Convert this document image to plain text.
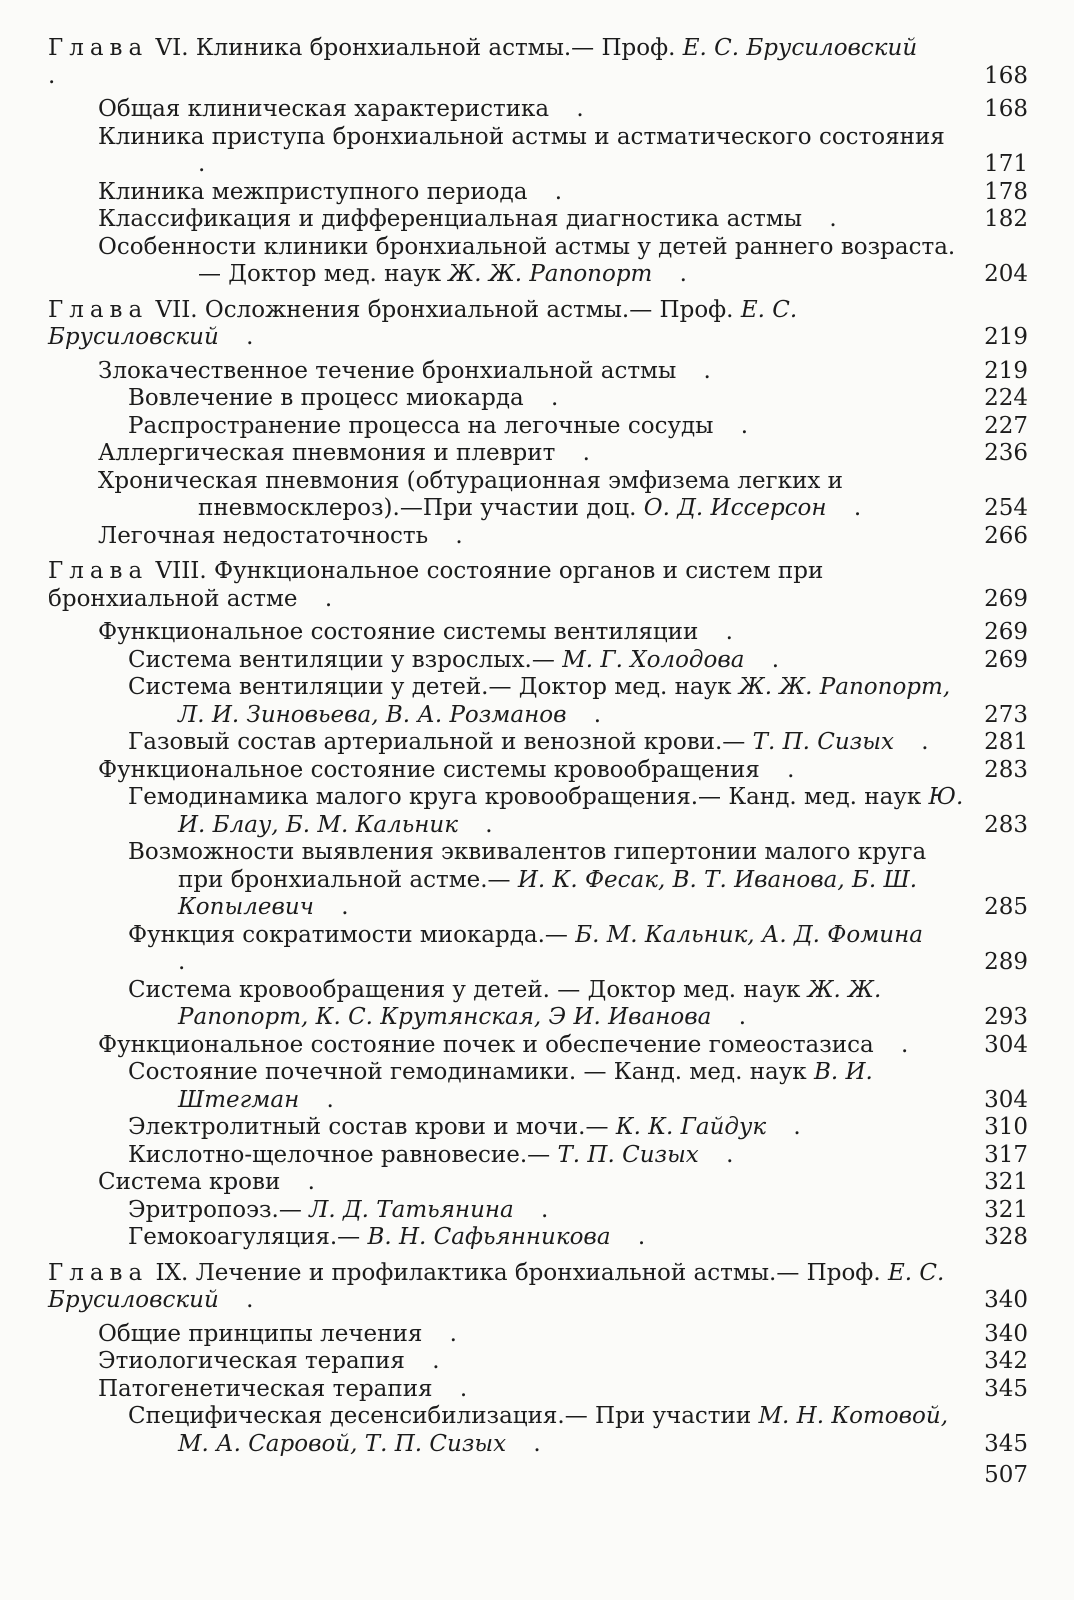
Глава VI. Клиника бронхиальной астмы.— Проф. Е. С. Брусиловский .	168
Общая клиническая характеристика .	168
Клиника приступа бронхиальной астмы и астматического состояния .	171
Клиника межприступного периода .	178
Классификация и дифференциальная диагностика астмы .	182
Особенности клиники бронхиальной астмы у детей раннего возраста.— Доктор мед. наук Ж. Ж. Рапопорт .	204
Глава VII. Осложнения бронхиальной астмы.— Проф. Е. С. Брусиловский .	219
Злокачественное течение бронхиальной астмы .	219
Вовлечение в процесс миокарда .	224
Распространение процесса на легочные сосуды .	227
Аллергическая пневмония и плеврит .	236
Хроническая пневмония (обтурационная эмфизема легких и пневмосклероз).—При участии доц. О. Д. Иссерсон .	254
Легочная недостаточность .	266
Глава VIII. Функциональное состояние органов и систем при бронхиальной астме .	269
Функциональное состояние системы вентиляции .	269
Система вентиляции у взрослых.— М. Г. Холодова .	269
Система вентиляции у детей.— Доктор мед. наук Ж. Ж. Рапопорт, Л. И. Зиновьева, В. А. Розманов .	273
Газовый состав артериальной и венозной крови.— Т. П. Сизых .	281
Функциональное состояние системы кровообращения .	283
Гемодинамика малого круга кровообращения.— Канд. мед. наук Ю. И. Блау, Б. М. Кальник .	283
Возможности выявления эквивалентов гипертонии малого круга при бронхиальной астме.— И. К. Фесак, В. Т. Иванова, Б. Ш. Копылевич .	285
Функция сократимости миокарда.— Б. М. Кальник, А. Д. Фомина .	289
Система кровообращения у детей. — Доктор мед. наук Ж. Ж. Рапопорт, К. С. Крутянская, Э И. Иванова .	293
Функциональное состояние почек и обеспечение гомеостазиса .	304
Состояние почечной гемодинамики. — Канд. мед. наук В. И. Штегман .	304
Электролитный состав крови и мочи.— К. К. Гайдук .	310
Кислотно-щелочное равновесие.— Т. П. Сизых .	317
Система крови .	321
Эритропоэз.— Л. Д. Татьянина .	321
Гемокоагуляция.— В. Н. Сафьянникова .	328
Глава IX. Лечение и профилактика бронхиальной астмы.— Проф. Е. С. Брусиловский .	340
Общие принципы лечения .	340
Этиологическая терапия .	342
Патогенетическая терапия .	345
Специфическая десенсибилизация.— При участии М. Н. Котовой, М. А. Саровой, Т. П. Сизых .	345
507
